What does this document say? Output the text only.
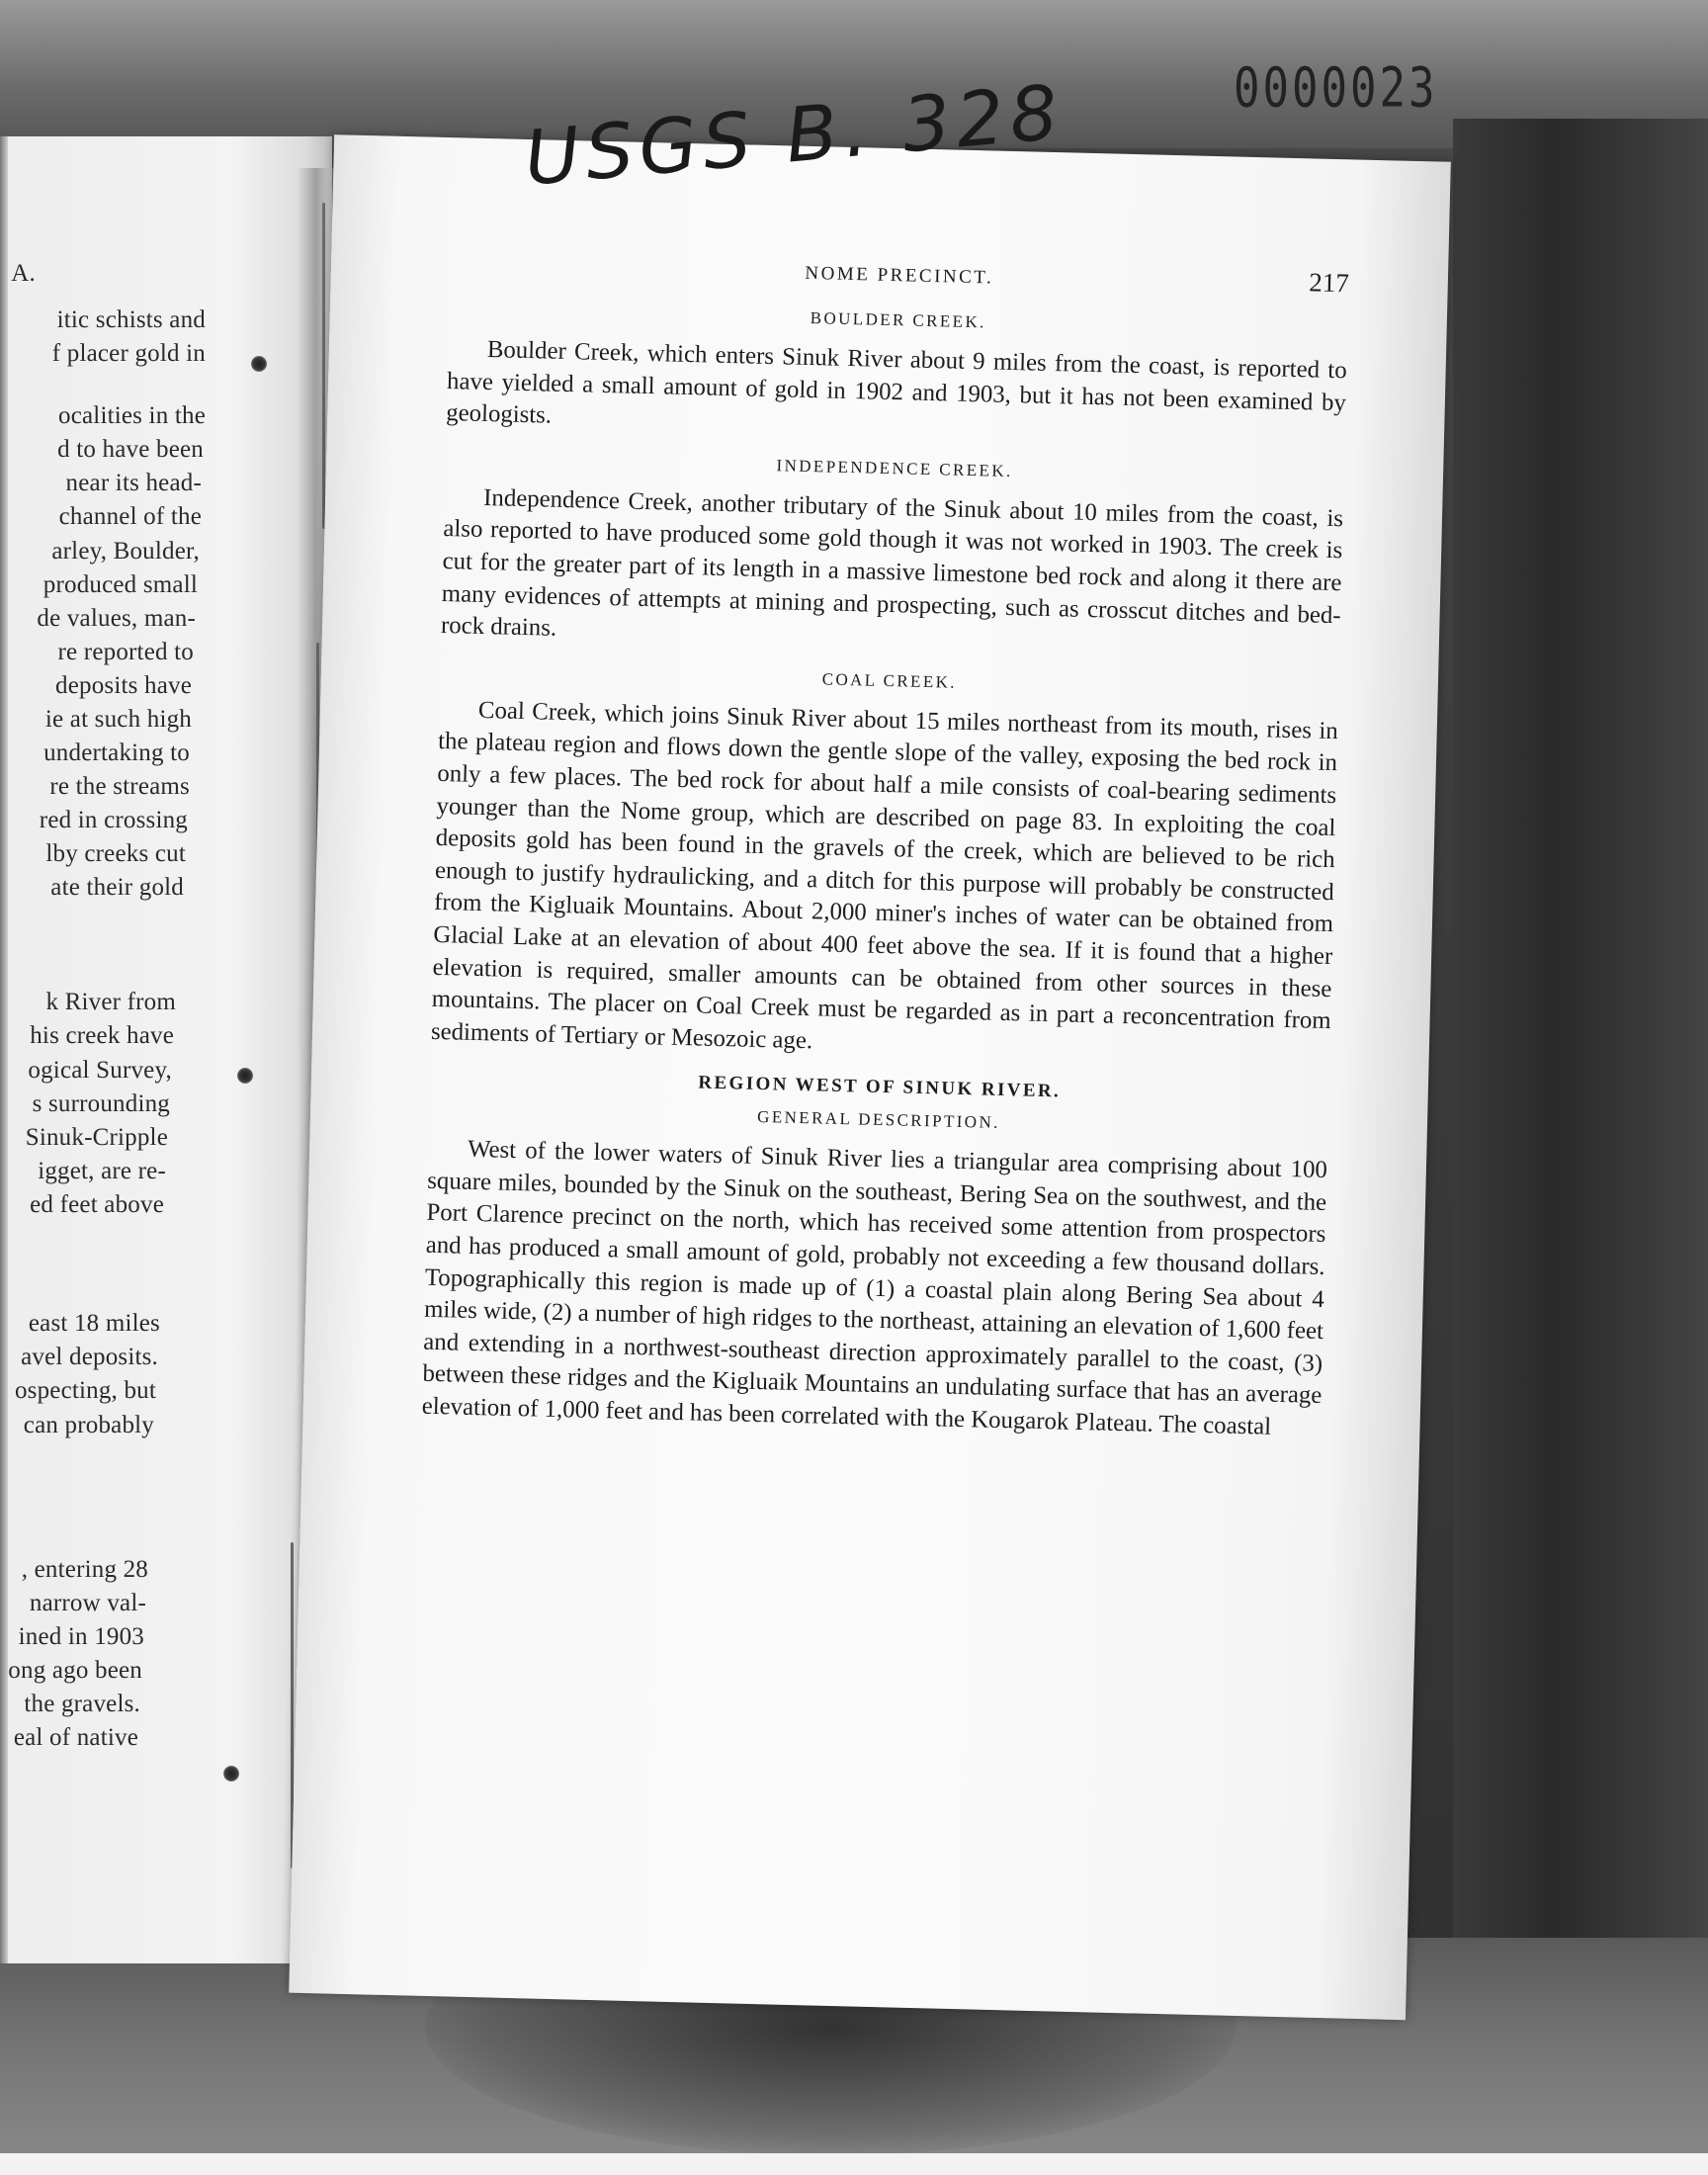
A.
itic schists and
f placer gold in
ocalities in the
d to have been
near its head-
channel of the
arley, Boulder,
produced small
de values, man-
re reported to
deposits have
ie at such high
undertaking to
re the streams
red in crossing
lby creeks cut
ate their gold
k River from
his creek have
ogical Survey,
s surrounding
Sinuk-Cripple
igget, are re-
ed feet above
east 18 miles
avel deposits.
ospecting, but
can probably
, entering 28
narrow val-
ined in 1903
ong ago been
the gravels.
eal of native
NOME PRECINCT.	217
BOULDER CREEK.

Boulder Creek, which enters Sinuk River about 9 miles from the coast, is reported to have yielded a small amount of gold in 1902 and 1903, but it has not been examined by geologists.

INDEPENDENCE CREEK.

Independence Creek, another tributary of the Sinuk about 10 miles from the coast, is also reported to have produced some gold though it was not worked in 1903. The creek is cut for the greater part of its length in a massive limestone bed rock and along it there are many evidences of attempts at mining and prospecting, such as crosscut ditches and bed-rock drains.

COAL CREEK.

Coal Creek, which joins Sinuk River about 15 miles northeast from its mouth, rises in the plateau region and flows down the gentle slope of the valley, exposing the bed rock in only a few places. The bed rock for about half a mile consists of coal-bearing sediments younger than the Nome group, which are described on page 83. In exploiting the coal deposits gold has been found in the gravels of the creek, which are believed to be rich enough to justify hydraulicking, and a ditch for this purpose will probably be constructed from the Kigluaik Mountains. About 2,000 miner's inches of water can be obtained from Glacial Lake at an elevation of about 400 feet above the sea. If it is found that a higher elevation is required, smaller amounts can be obtained from other sources in these mountains. The placer on Coal Creek must be regarded as in part a reconcentration from sediments of Tertiary or Mesozoic age.

REGION WEST OF SINUK RIVER.
GENERAL DESCRIPTION.

West of the lower waters of Sinuk River lies a triangular area comprising about 100 square miles, bounded by the Sinuk on the southeast, Bering Sea on the southwest, and the Port Clarence precinct on the north, which has received some attention from prospectors and has produced a small amount of gold, probably not exceeding a few thousand dollars. Topographically this region is made up of (1) a coastal plain along Bering Sea about 4 miles wide, (2) a number of high ridges to the northeast, attaining an elevation of 1,600 feet and extending in a northwest-southeast direction approximately parallel to the coast, (3) between these ridges and the Kigluaik Mountains an undulating surface that has an average elevation of 1,000 feet and has been correlated with the Kougarok Plateau. The coastal

USGS B. 328	0000023
